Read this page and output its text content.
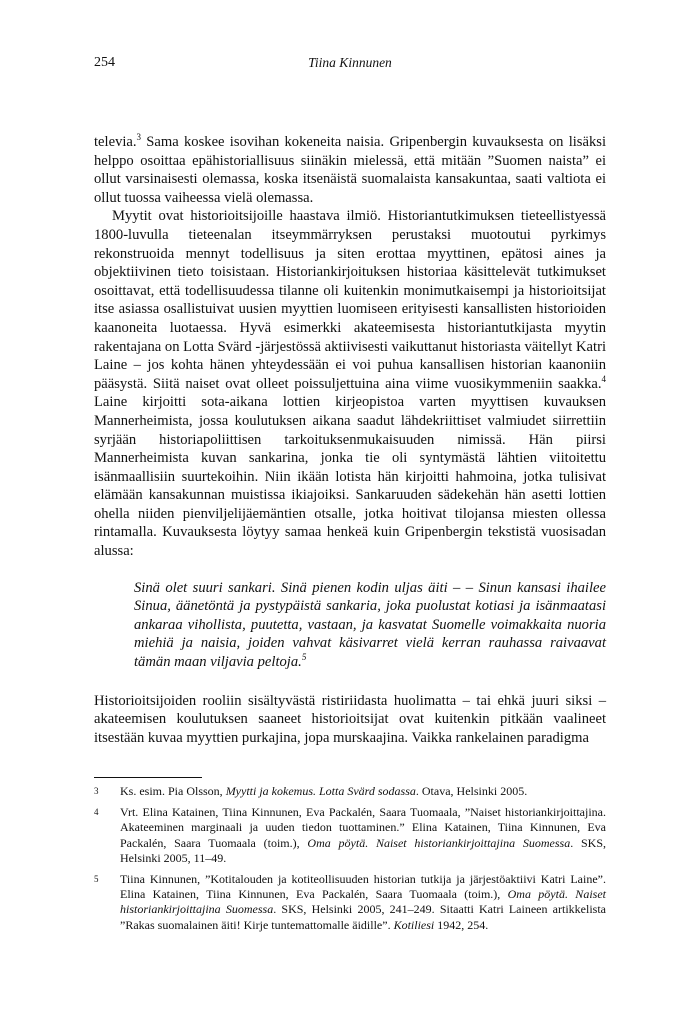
254	Tiina Kinnunen

televia.$^3$ Sama koskee isovihan kokeneita naisia. Gripenbergin kuvauksesta on lisäksi helppo osoittaa epähistoriallisuus siinäkin mielessä, että mitään ”Suomen naista” ei ollut varsinaisesti olemassa, koska itsenäistä suomalaista kansakuntaa, saati valtiota ei ollut tuossa vaiheessa vielä olemassa.

Myytit ovat historioitsijoille haastava ilmiö. Historiantutkimuksen tieteellistyessä 1800-luvulla tieteenalan itseymmärryksen perustaksi muotoutui pyrkimys rekonstruoida mennyt todellisuus ja siten erottaa myyttinen, epätosi aines ja objektiivinen tieto toisistaan. Historiankirjoituksen historiaa käsittelevät tutkimukset osoittavat, että todellisuudessa tilanne oli kuitenkin monimutkaisempi ja historioitsijat itse asiassa osallistuivat uusien myyttien luomiseen erityisesti kansallisten historioiden kaanoneita luotaessa. Hyvä esimerkki akateemisesta historiantutkijasta myytin rakentajana on Lotta Svärd -järjestössä aktiivisesti vaikuttanut historiasta väitellyt Katri Laine – jos kohta hänen yhteydessään ei voi puhua kansallisen historian kaanoniin pääsystä. Siitä naiset ovat olleet poissuljettuina aina viime vuosikymmeniin saakka.$^4$ Laine kirjoitti sota-aikana lottien kirjeopistoa varten myyttisen kuvauksen Mannerheimista, jossa koulutuksen aikana saadut lähdekriittiset valmiudet siirrettiin syrjään historiapoliittisen tarkoituksenmukaisuuden nimissä. Hän piirsi Mannerheimista kuvan sankarina, jonka tie oli syntymästä lähtien viitoitettu isänmaallisiin suurtekoihin. Niin ikään lotista hän kirjoitti hahmoina, jotka tulisivat elämään kansakunnan muistissa ikiajoiksi. Sankaruuden sädekehän hän asetti lottien ohella niiden pienviljelijäemäntien otsalle, jotka hoitivat tilojansa miesten ollessa rintamalla. Kuvauksesta löytyy samaa henkeä kuin Gripenbergin tekstistä vuosisadan alussa:

Sinä olet suuri sankari. Sinä pienen kodin uljas äiti – – Sinun kansasi ihailee Sinua, äänetöntä ja pystypäistä sankaria, joka puolustat kotiasi ja isänmaatasi ankaraa vihollista, puutetta, vastaan, ja kasvatat Suomelle voimakkaita nuoria miehiä ja naisia, joiden vahvat käsivarret vielä kerran rauhassa raivaavat tämän maan viljavia peltoja.$^5$

Historioitsijoiden rooliin sisältyvästä ristiriidasta huolimatta – tai ehkä juuri siksi – akateemisen koulutuksen saaneet historioitsijat ovat kuitenkin pitkään vaalineet itsestään kuvaa myyttien purkajina, jopa murskaajina. Vaikka rankelainen paradigma

3	Ks. esim. Pia Olsson, Myytti ja kokemus. Lotta Svärd sodassa. Otava, Helsinki 2005.
4	Vrt. Elina Katainen, Tiina Kinnunen, Eva Packalén, Saara Tuomaala, ”Naiset historiankirjoittajina. Akateeminen marginaali ja uuden tiedon tuottaminen.” Elina Katainen, Tiina Kinnunen, Eva Packalén, Saara Tuomaala (toim.), Oma pöytä. Naiset historiankirjoittajina Suomessa. SKS, Helsinki 2005, 11–49.
5	Tiina Kinnunen, ”Kotitalouden ja kotiteollisuuden historian tutkija ja järjestöaktiivi Katri Laine”. Elina Katainen, Tiina Kinnunen, Eva Packalén, Saara Tuomaala (toim.), Oma pöytä. Naiset historiankirjoittajina Suomessa. SKS, Helsinki 2005, 241–249. Sitaatti Katri Laineen artikkelista ”Rakas suomalainen äiti! Kirje tuntemattomalle äidille”. Kotiliesi 1942, 254.
